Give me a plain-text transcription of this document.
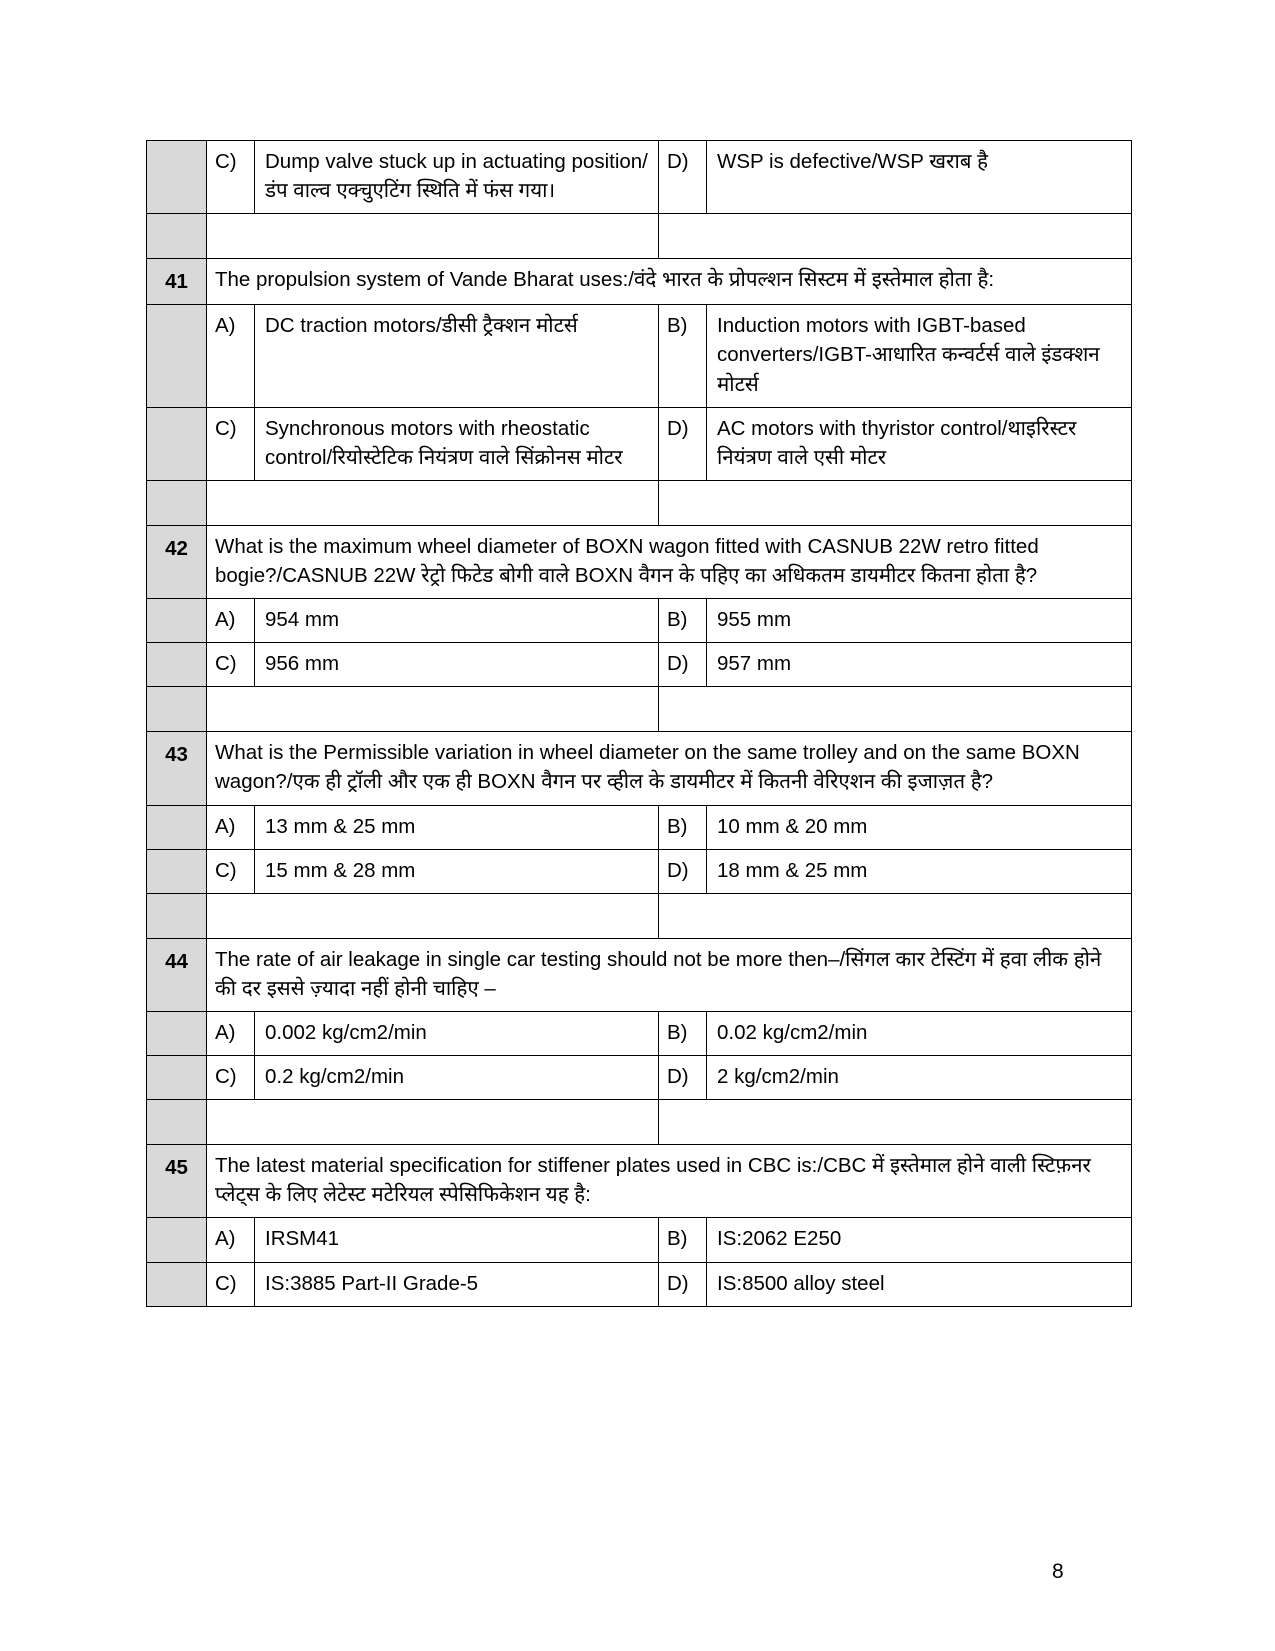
	C)	Dump valve stuck up in actuating position/डंप वाल्व एक्चुएटिंग स्थिति में फंस गया।	D)	WSP is defective/WSP खराब है

41	The propulsion system of Vande Bharat uses:/वंदे भारत के प्रोपल्शन सिस्टम में इस्तेमाल होता है:			
	A)	DC traction motors/डीसी ट्रैक्शन मोटर्स	B)	Induction motors with IGBT-based converters/IGBT-आधारित कन्वर्टर्स वाले इंडक्शन मोटर्स
	C)	Synchronous motors with rheostatic control/रियोस्टेटिक नियंत्रण वाले सिंक्रोनस मोटर	D)	AC motors with thyristor control/थाइरिस्टर नियंत्रण वाले एसी मोटर

42	What is the maximum wheel diameter of BOXN wagon fitted with CASNUB 22W retro fitted bogie?/CASNUB 22W रेट्रो फिटेड बोगी वाले BOXN वैगन के पहिए का अधिकतम डायमीटर कितना होता है?			
	A)	954 mm	B)	955 mm
	C)	956 mm	D)	957 mm

43	What is the Permissible variation in wheel diameter on the same trolley and on the same BOXN wagon?/एक ही ट्रॉली और एक ही BOXN वैगन पर व्हील के डायमीटर में कितनी वेरिएशन की इजाज़त है?			
	A)	13 mm & 25 mm	B)	10 mm & 20 mm
	C)	15 mm & 28 mm	D)	18 mm & 25 mm

44	The rate of air leakage in single car testing should not be more then–/सिंगल कार टेस्टिंग में हवा लीक होने की दर इससे ज़्यादा नहीं होनी चाहिए –			
	A)	0.002 kg/cm2/min	B)	0.02 kg/cm2/min
	C)	0.2 kg/cm2/min	D)	2 kg/cm2/min

45	The latest material specification for stiffener plates used in CBC is:/CBC में इस्तेमाल होने वाली स्टिफ़नर प्लेट्स के लिए लेटेस्ट मटेरियल स्पेसिफिकेशन यह है:			
	A)	IRSM41	B)	IS:2062 E250
	C)	IS:3885 Part-II Grade-5	D)	IS:8500 alloy steel
8
